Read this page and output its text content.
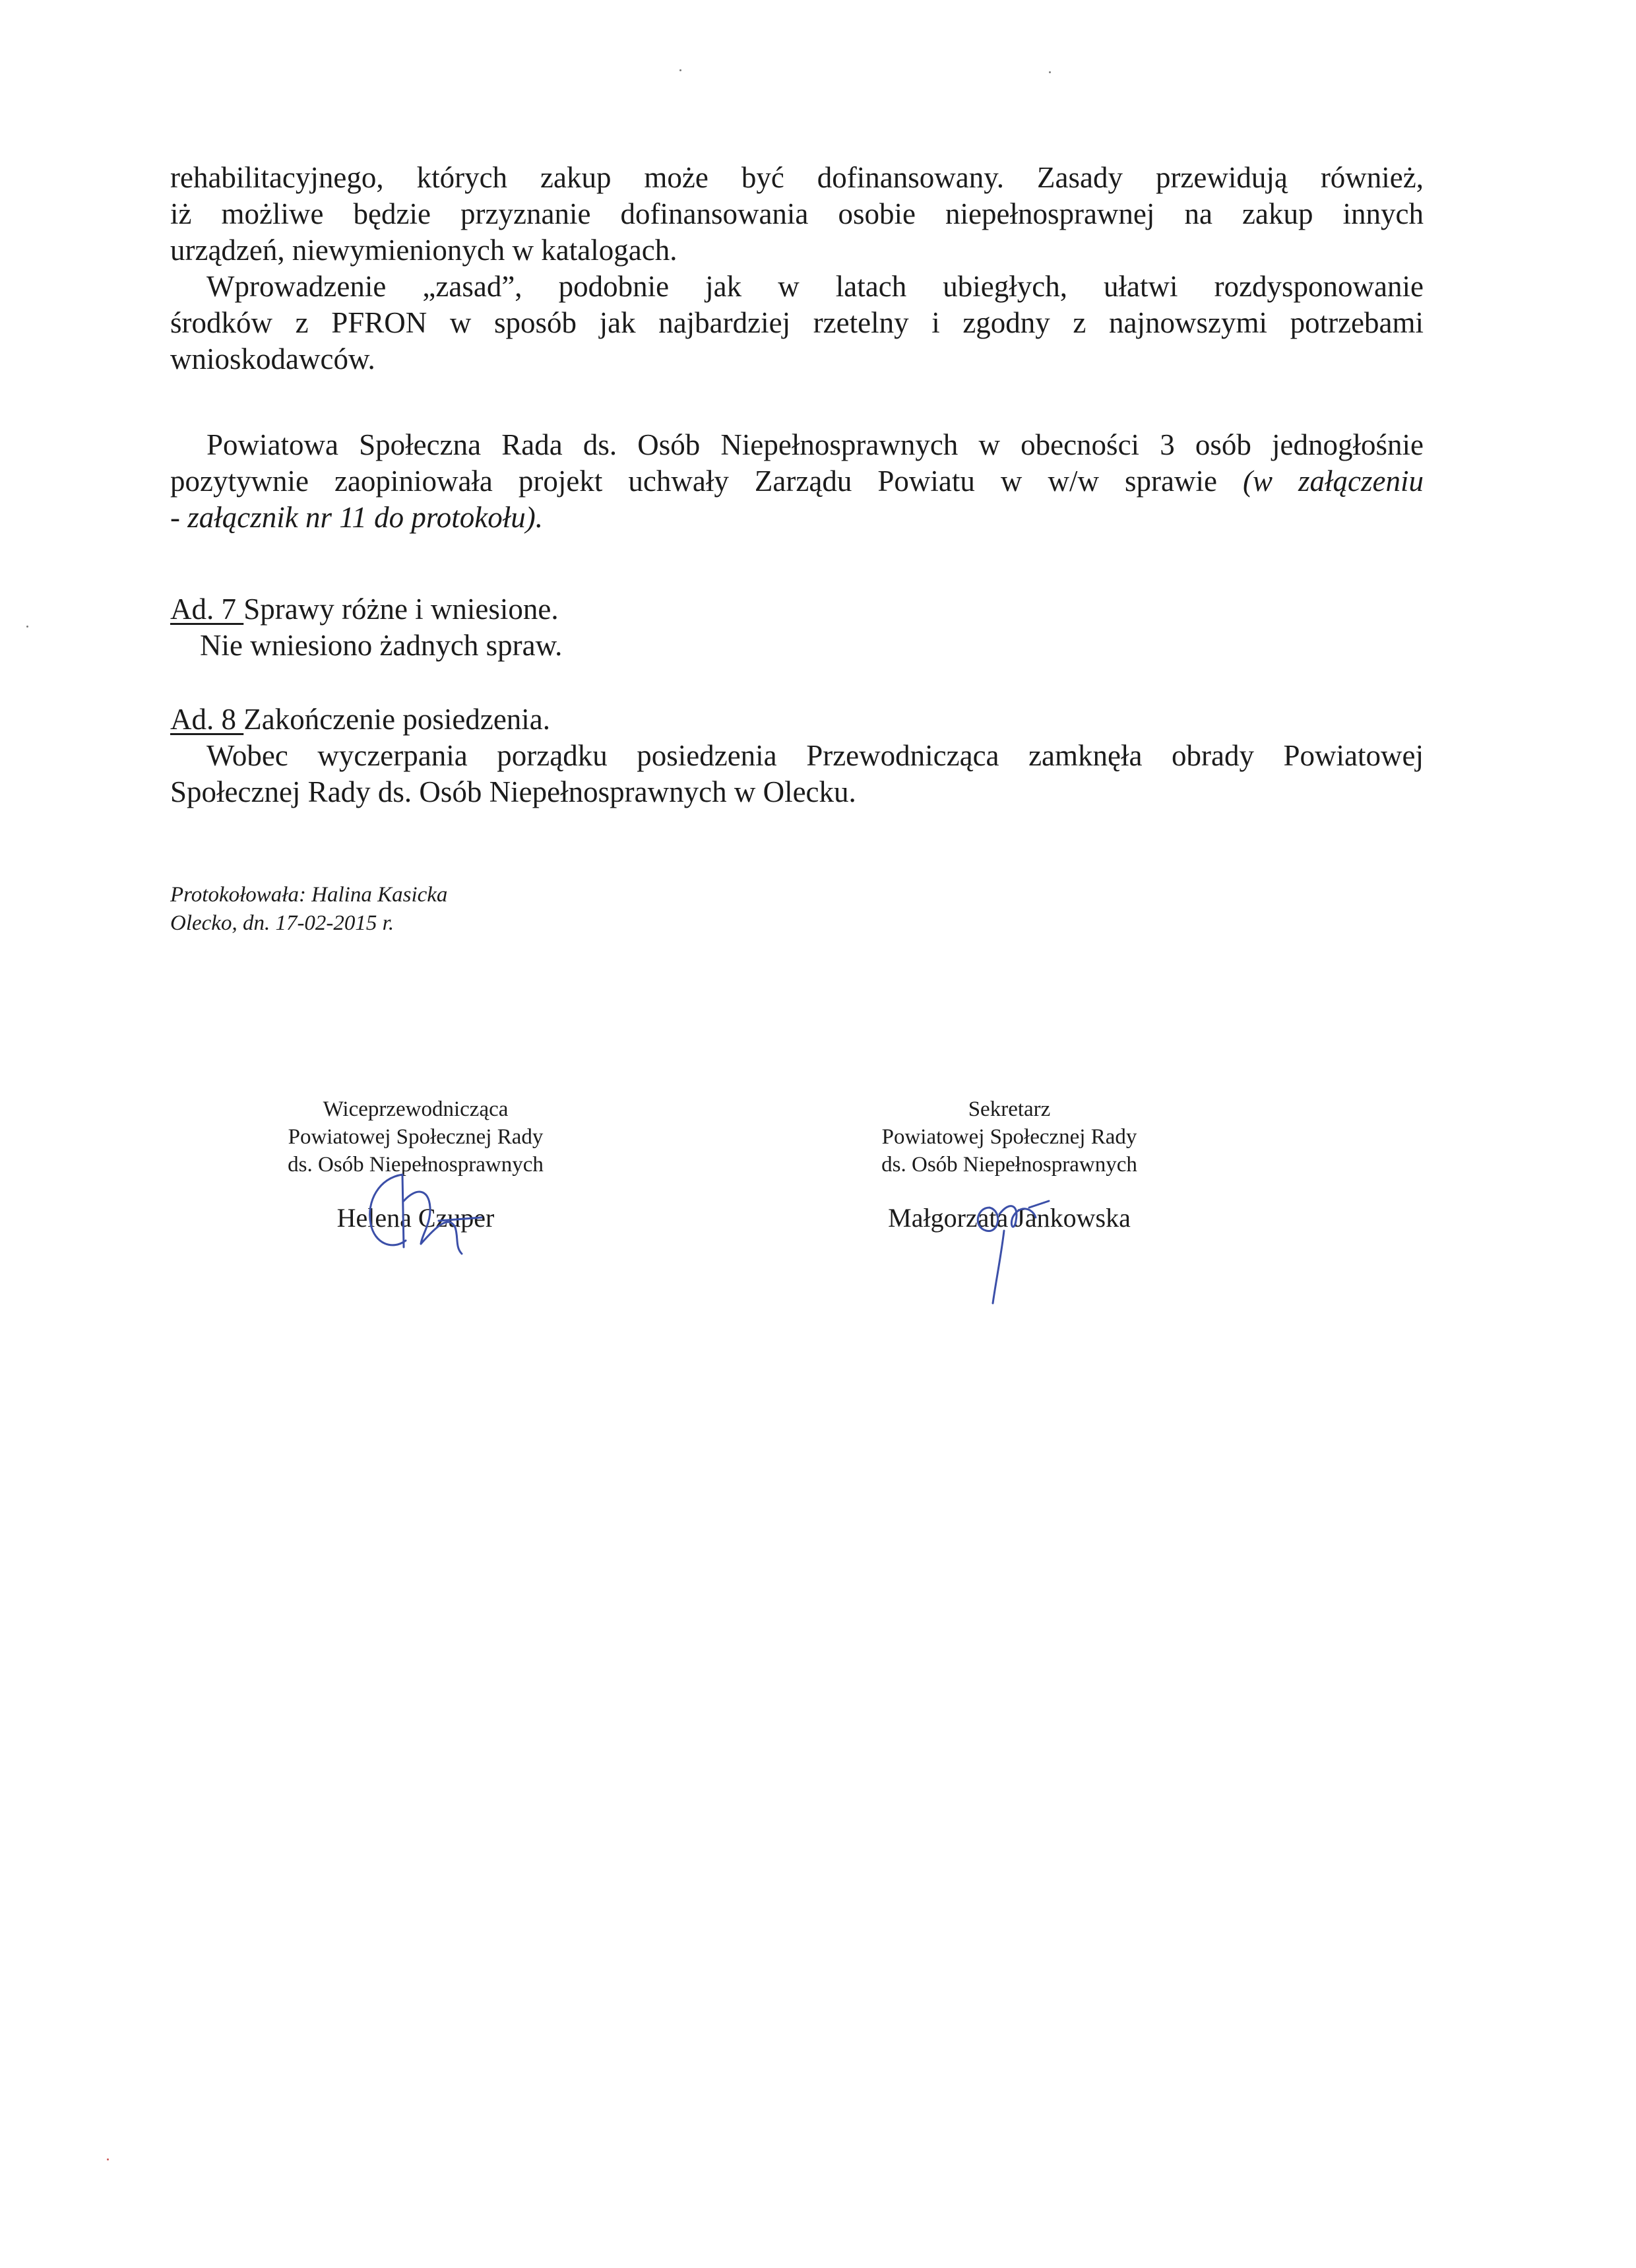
rehabilitacyjnego, których zakup może być dofinansowany. Zasady przewidują również,

iż możliwe będzie przyznanie dofinansowania osobie niepełnosprawnej na zakup innych

urządzeń, niewymienionych w katalogach.

Wprowadzenie „zasad”, podobnie jak w latach ubiegłych, ułatwi rozdysponowanie

środków z PFRON w sposób jak najbardziej rzetelny i zgodny z najnowszymi potrzebami

wnioskodawców.

Powiatowa Społeczna Rada ds. Osób Niepełnosprawnych w obecności 3 osób jednogłośnie

pozytywnie zaopiniowała projekt uchwały Zarządu Powiatu w w/w sprawie (w załączeniu

- załącznik nr 11 do protokołu).

Ad. 7 Sprawy różne i wniesione.

Nie wniesiono żadnych spraw.

Ad. 8 Zakończenie posiedzenia.

Wobec wyczerpania porządku posiedzenia Przewodnicząca zamknęła obrady Powiatowej

Społecznej Rady ds. Osób Niepełnosprawnych w Olecku.

Protokołowała: Halina Kasicka

Olecko, dn. 17-02-2015 r.

Wiceprzewodnicząca

Powiatowej Społecznej Rady

ds. Osób Niepełnosprawnych

Helena Czuper

Sekretarz

Powiatowej Społecznej Rady

ds. Osób Niepełnosprawnych

Małgorzata Jankowska
